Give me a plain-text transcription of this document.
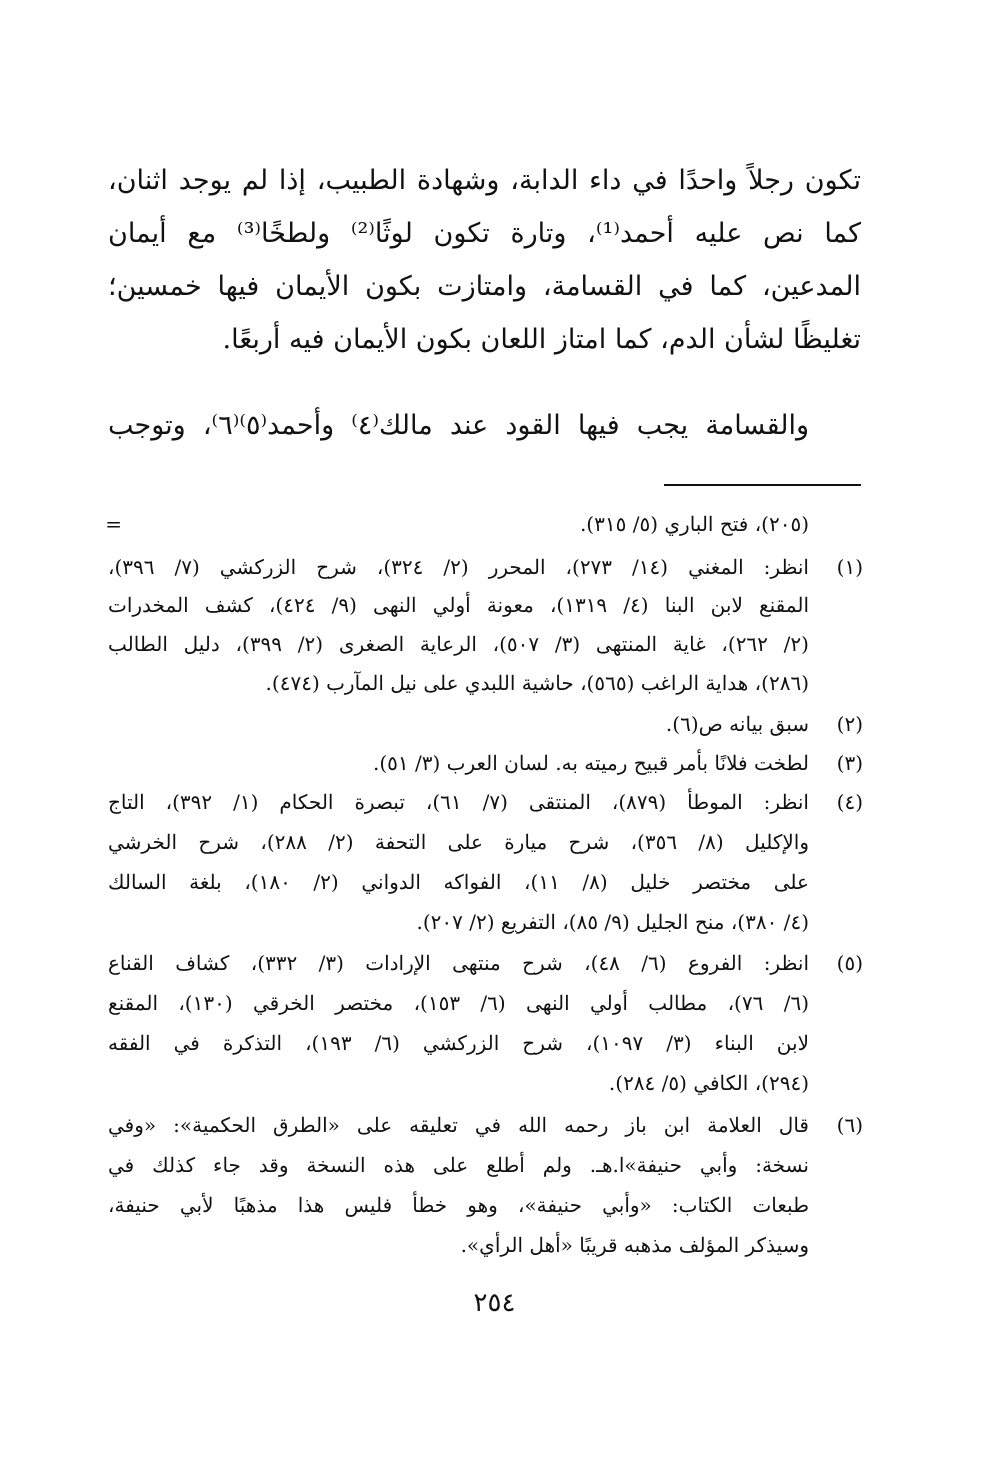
تكون رجلاً واحدًا في داء الدابة، وشهادة الطبيب، إذا لم يوجد اثنان،
كما نص عليه أحمد⁽¹⁾، وتارة تكون لوثًا⁽²⁾ ولطخًا⁽³⁾ مع أيمان
المدعين، كما في القسامة، وامتازت بكون الأيمان فيها خمسين؛
تغليظًا لشأن الدم، كما امتاز اللعان بكون الأيمان فيه أربعًا.
والقسامة يجب فيها القود عند مالك⁽٤⁾ وأحمد⁽٥⁾⁽٦⁾، وتوجب
=	(٢٠٥)، فتح الباري (٥/ ٣١٥).
(١)
انظر: المغني (١٤/ ٢٧٣)، المحرر (٢/ ٣٢٤)، شرح الزركشي (٧/ ٣٩٦)،
المقنع لابن البنا (٤/ ١٣١٩)، معونة أولي النهى (٩/ ٤٢٤)، كشف المخدرات
(٢/ ٢٦٢)، غاية المنتهى (٣/ ٥٠٧)، الرعاية الصغرى (٢/ ٣٩٩)، دليل الطالب
(٢٨٦)، هداية الراغب (٥٦٥)، حاشية اللبدي على نيل المآرب (٤٧٤).
(٢)
سبق بيانه ص(٦).
(٣)
لطخت فلانًا بأمر قبيح رميته به. لسان العرب (٣/ ٥١).
(٤)
انظر: الموطأ (٨٧٩)، المنتقى (٧/ ٦١)، تبصرة الحكام (١/ ٣٩٢)، التاج
والإكليل (٨/ ٣٥٦)، شرح ميارة على التحفة (٢/ ٢٨٨)، شرح الخرشي
على مختصر خليل (٨/ ١١)، الفواكه الدواني (٢/ ١٨٠)، بلغة السالك
(٤/ ٣٨٠)، منح الجليل (٩/ ٨٥)، التفريع (٢/ ٢٠٧).
(٥)
انظر: الفروع (٦/ ٤٨)، شرح منتهى الإرادات (٣/ ٣٣٢)، كشاف القناع
(٦/ ٧٦)، مطالب أولي النهى (٦/ ١٥٣)، مختصر الخرقي (١٣٠)، المقنع
لابن البناء (٣/ ١٠٩٧)، شرح الزركشي (٦/ ١٩٣)، التذكرة في الفقه
(٢٩٤)، الكافي (٥/ ٢٨٤).
(٦)
قال العلامة ابن باز رحمه الله في تعليقه على «الطرق الحكمية»: «وفي
نسخة: وأبي حنيفة»ا.هـ. ولم أطلع على هذه النسخة وقد جاء كذلك في
طبعات الكتاب: «وأبي حنيفة»، وهو خطأ فليس هذا مذهبًا لأبي حنيفة،
وسيذكر المؤلف مذهبه قريبًا «أهل الرأي».
٢٥٤
